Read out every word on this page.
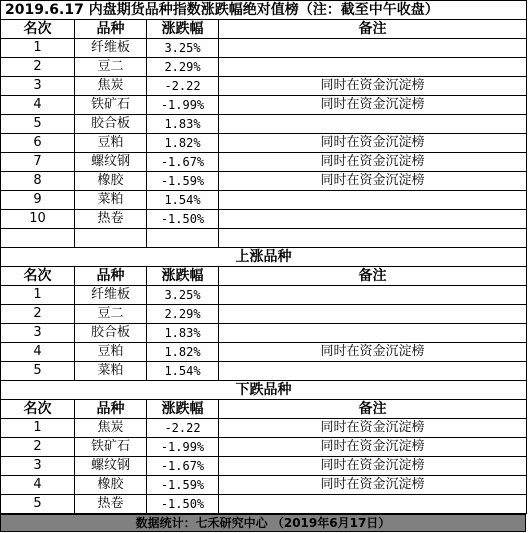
2019.6.17 内盘期货品种指数涨跌幅绝对值榜（注：截至中午收盘）			
名次	品种	涨跌幅	备注
1	纤维板	3.25%	
2	豆二	2.29%	
3	焦炭	-2.22	同时在资金沉淀榜
4	铁矿石	-1.99%	同时在资金沉淀榜
5	胶合板	1.83%	
6	豆粕	1.82%	同时在资金沉淀榜
7	螺纹钢	-1.67%	同时在资金沉淀榜
8	橡胶	-1.59%	同时在资金沉淀榜
9	菜粕	1.54%	
10	热卷	-1.50%	

上涨品种			
名次	品种	涨跌幅	备注
1	纤维板	3.25%	
2	豆二	2.29%	
3	胶合板	1.83%	
4	豆粕	1.82%	同时在资金沉淀榜
5	菜粕	1.54%	
下跌品种			
名次	品种	涨跌幅	备注
1	焦炭	-2.22	同时在资金沉淀榜
2	铁矿石	-1.99%	同时在资金沉淀榜
3	螺纹钢	-1.67%	同时在资金沉淀榜
4	橡胶	-1.59%	同时在资金沉淀榜
5	热卷	-1.50%	
数据统计：七禾研究中心 （2019年6月17日）
